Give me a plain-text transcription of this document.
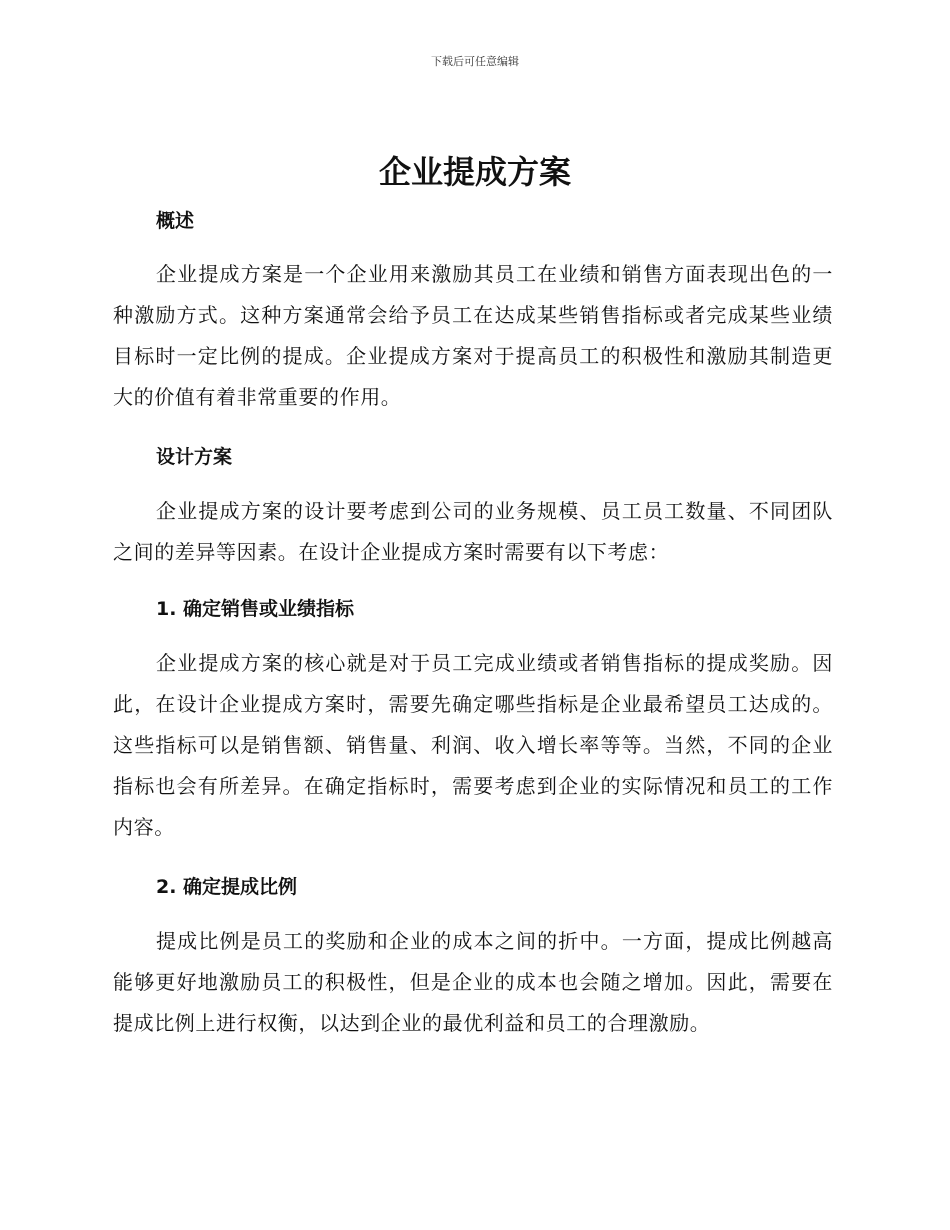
下载后可任意编辑
企业提成方案
概述

企业提成方案是一个企业用来激励其员工在业绩和销售方面表现出色的一种激励方式。这种方案通常会给予员工在达成某些销售指标或者完成某些业绩目标时一定比例的提成。企业提成方案对于提高员工的积极性和激励其制造更大的价值有着非常重要的作用。

设计方案

企业提成方案的设计要考虑到公司的业务规模、员工员工数量、不同团队之间的差异等因素。在设计企业提成方案时需要有以下考虑：

1. 确定销售或业绩指标

企业提成方案的核心就是对于员工完成业绩或者销售指标的提成奖励。因此，在设计企业提成方案时，需要先确定哪些指标是企业最希望员工达成的。这些指标可以是销售额、销售量、利润、收入增长率等等。当然，不同的企业指标也会有所差异。在确定指标时，需要考虑到企业的实际情况和员工的工作内容。

2. 确定提成比例

提成比例是员工的奖励和企业的成本之间的折中。一方面，提成比例越高能够更好地激励员工的积极性，但是企业的成本也会随之增加。因此，需要在提成比例上进行权衡，以达到企业的最优利益和员工的合理激励。
